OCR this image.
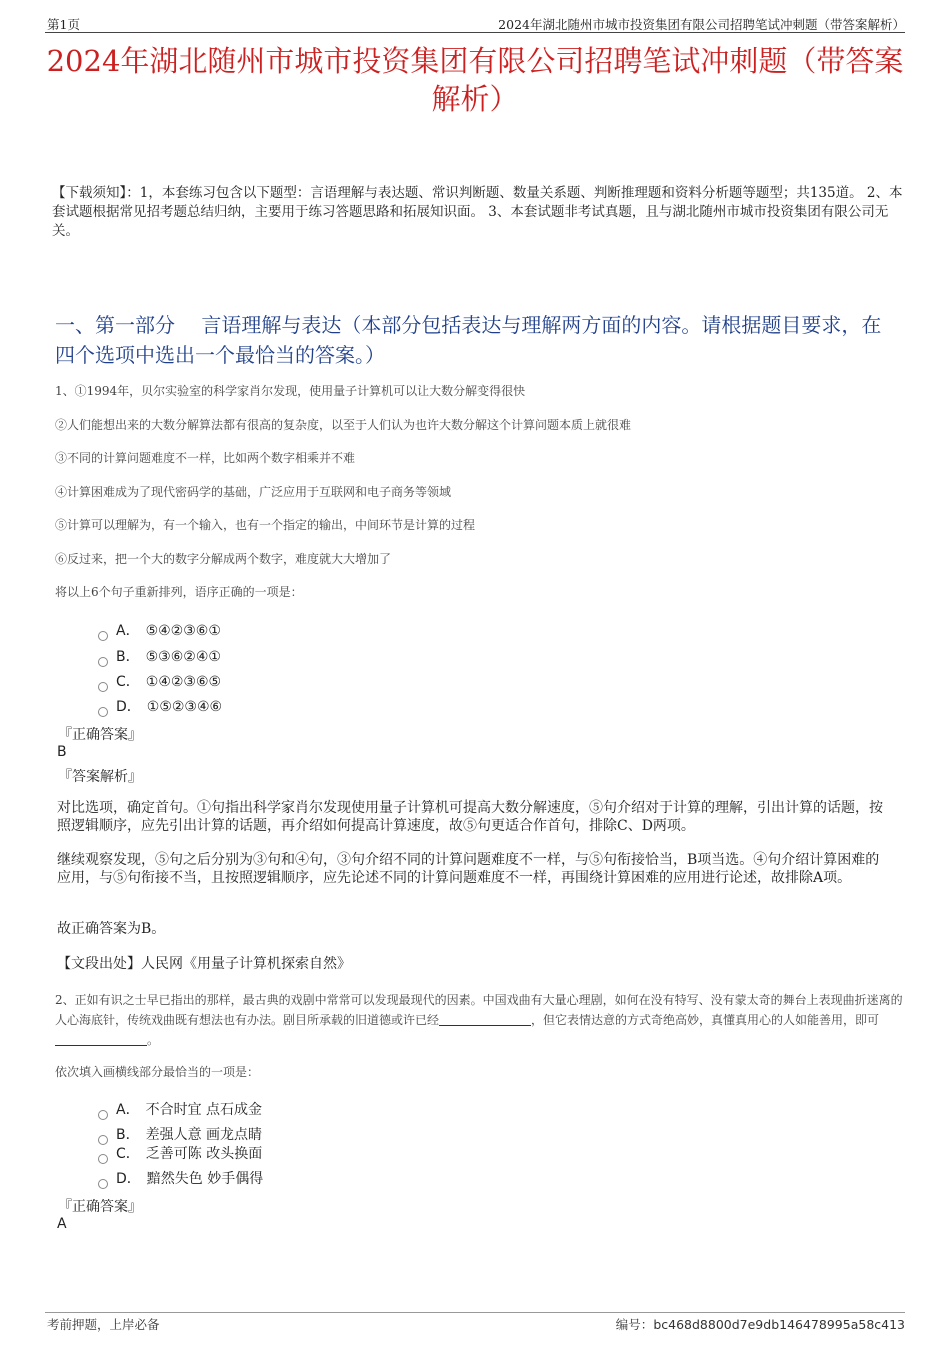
第1页	2024年湖北随州市城市投资集团有限公司招聘笔试冲刺题（带答案解析）
2024年湖北随州市城市投资集团有限公司招聘笔试冲刺题（带答案解析）
【下载须知】：1，本套练习包含以下题型：言语理解与表达题、常识判断题、数量关系题、判断推理题和资料分析题等题型；共135道。 2、本套试题根据常见招考题总结归纳，主要用于练习答题思路和拓展知识面。 3、本套试题非考试真题，且与湖北随州市城市投资集团有限公司无关。
一、第一部分　 言语理解与表达（本部分包括表达与理解两方面的内容。请根据题目要求，在四个选项中选出一个最恰当的答案。）
1、①1994年，贝尔实验室的科学家肖尔发现，使用量子计算机可以让大数分解变得很快
②人们能想出来的大数分解算法都有很高的复杂度，以至于人们认为也许大数分解这个计算问题本质上就很难
③不同的计算问题难度不一样，比如两个数字相乘并不难
④计算困难成为了现代密码学的基础，广泛应用于互联网和电子商务等领域
⑤计算可以理解为，有一个输入，也有一个指定的输出，中间环节是计算的过程
⑥反过来，把一个大的数字分解成两个数字，难度就大大增加了
将以上6个句子重新排列，语序正确的一项是：
A． ⑤④②③⑥①
B． ⑤③⑥②④①
C． ①④②③⑥⑤
D． ①⑤②③④⑥
『正确答案』
B
『答案解析』
对比选项，确定首句。①句指出科学家肖尔发现使用量子计算机可提高大数分解速度，⑤句介绍对于计算的理解，引出计算的话题，按照逻辑顺序，应先引出计算的话题，再介绍如何提高计算速度，故⑤句更适合作首句，排除C、D两项。
继续观察发现，⑤句之后分别为③句和④句，③句介绍不同的计算问题难度不一样，与⑤句衔接恰当，B项当选。④句介绍计算困难的应用，与⑤句衔接不当，且按照逻辑顺序，应先论述不同的计算问题难度不一样，再围绕计算困难的应用进行论述，故排除A项。
故正确答案为B。
【文段出处】人民网《用量子计算机探索自然》
2、正如有识之士早已指出的那样，最古典的戏剧中常常可以发现最现代的因素。中国戏曲有大量心理剧，如何在没有特写、没有蒙太奇的舞台上表现曲折迷离的人心海底针，传统戏曲既有想法也有办法。剧目所承载的旧道德或许已经	，但它表情达意的方式奇绝高妙，真懂真用心的人如能善用，即可。
依次填入画横线部分最恰当的一项是：
A． 不合时宜 点石成金
B． 差强人意 画龙点睛
C． 乏善可陈 改头换面
D． 黯然失色 妙手偶得
『正确答案』
A
考前押题，上岸必备	编号：bc468d8800d7e9db146478995a58c413
